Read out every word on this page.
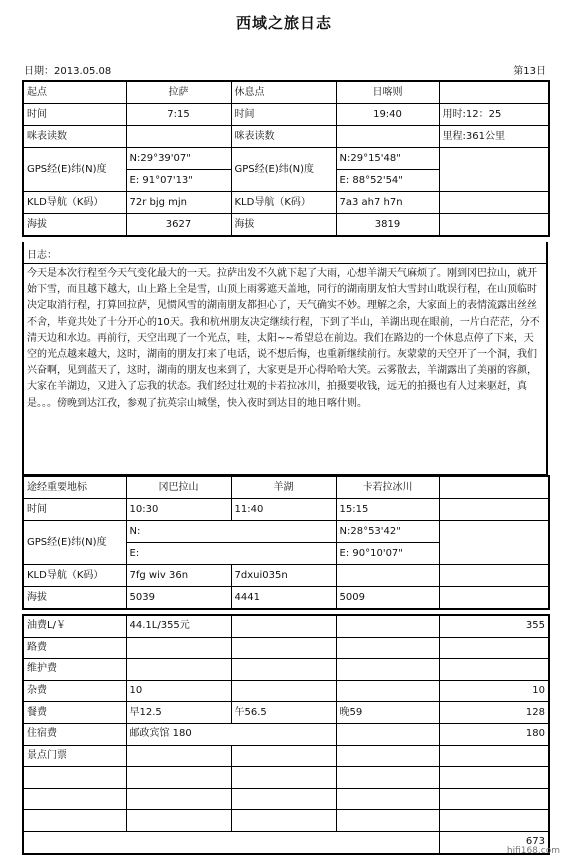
西域之旅日志
日期：2013.05.08	第13日
起点	拉萨	休息点	日喀则	
时间	7:15	时间	19:40	用时:12：25
咪表读数		咪表读数		里程:361公里
GPS经(E)纬(N)度	N:29°39'07"	GPS经(E)纬(N)度	N:29°15'48"	
	E: 91°07'13"		E: 88°52'54"	
KLD导航（K码）	72r bjg mjn	KLD导航（K码）	7a3 ah7 h7n	
海拔	3627	海拔	3819	
日志：
今天是本次行程至今天气变化最大的一天。拉萨出发不久就下起了大雨，心想羊湖天气麻烦了。刚到冈巴拉山，就开始下雪，而且越下越大，山上路上全是雪，山顶上雨雾遮天盖地，同行的湖南朋友怕大雪封山耽误行程，在山顶临时决定取消行程，打算回拉萨，见惯风雪的湖南朋友都担心了，天气确实不妙。理解之余，大家面上的表情流露出丝丝不舍，毕竟共处了十分开心的10天。我和杭州朋友决定继续行程，下到了半山，羊湖出现在眼前，一片白茫茫，分不清天边和水边。再前行，天空出现了一个光点，哇，太阳~~希望总在前边。我们在路边的一个休息点停了下来，天空的光点越来越大，这时，湖南的朋友打来了电话，说不想后悔，也重新继续前行。灰蒙蒙的天空开了一个洞，我们兴奋啊，见到蓝天了，这时，湖南的朋友也来到了，大家更是开心得哈哈大笑。云雾散去，羊湖露出了美丽的容颜，大家在羊湖边，又进入了忘我的状态。我们经过壮观的卡若拉冰川，拍摄要收钱，远无的拍摄也有人过来驱赶，真是。。。傍晚到达江孜，参观了抗英宗山城堡，快入夜时到达目的地日喀什则。
途经重要地标	冈巴拉山	羊湖	卡若拉冰川	
时间	10:30	11:40	15:15	
GPS经(E)纬(N)度	N:		N:28°53'42"	
	E:		E: 90°10'07"	
KLD导航（K码）	7fg wiv 36n	7dxui035n		
海拔	5039	4441	5009	
油费L/￥	44.1L/355元			355
路费				
维护费				
杂费	10			10
餐费	早12.5	午56.5	晚59	128
住宿费	邮政宾馆 180			180
景点门票				

				673
hifi168.com
